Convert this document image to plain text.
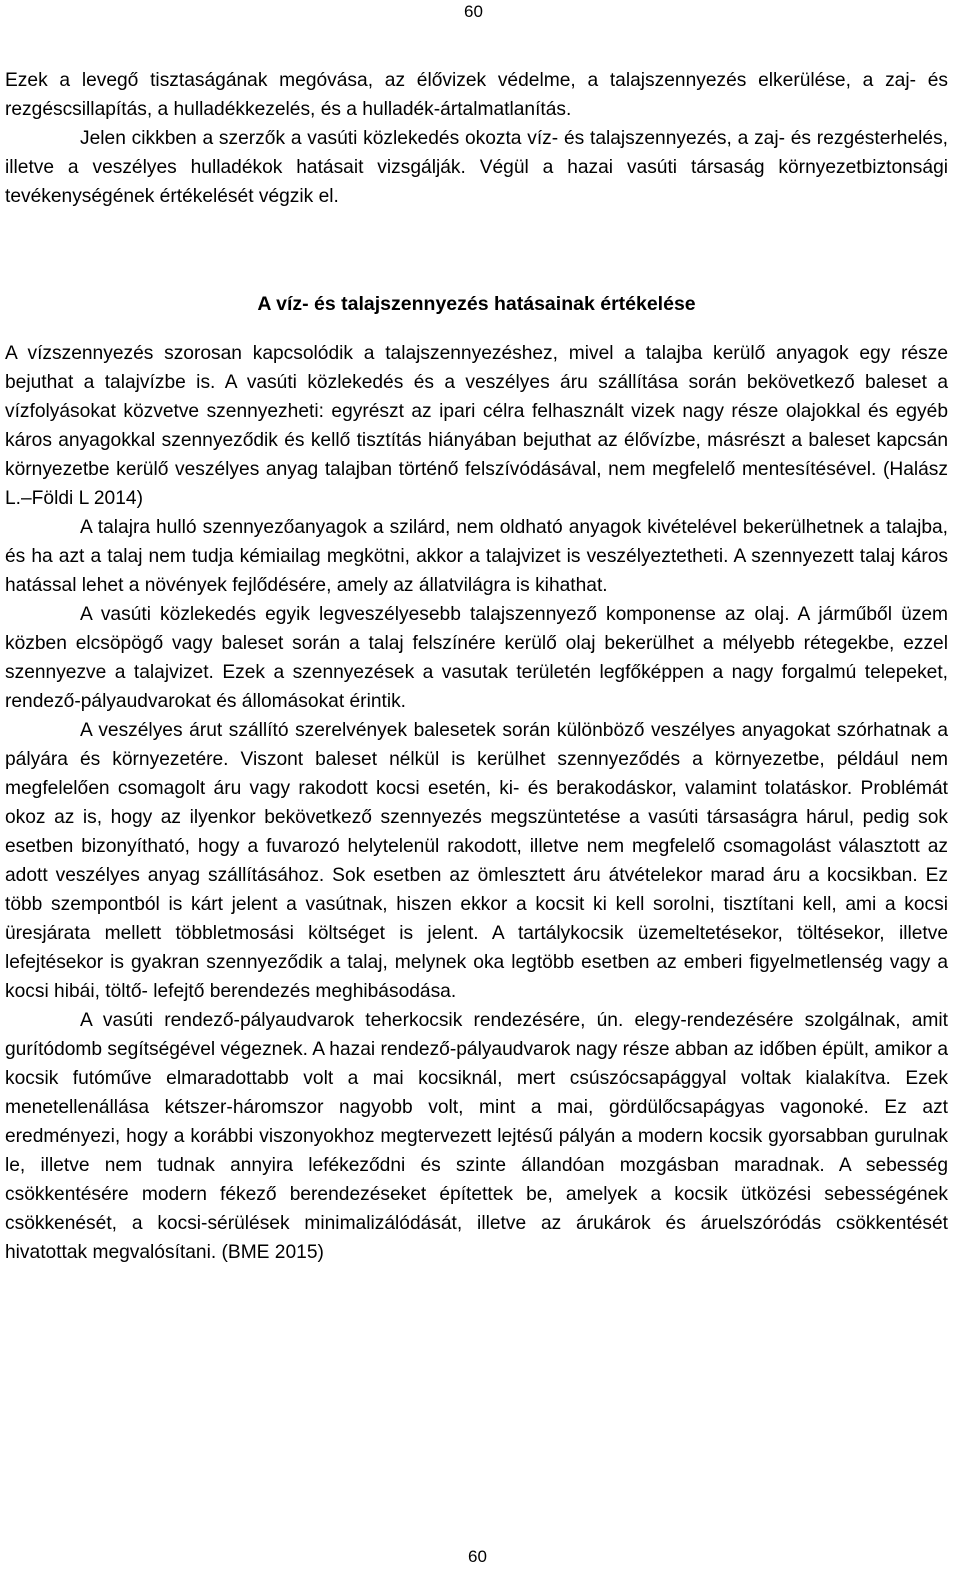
60

Ezek a levegő tisztaságának megóvása, az élővizek védelme, a talajszennyezés elkerülése, a zaj- és rezgéscsillapítás, a hulladékkezelés, és a hulladék-ártalmatlanítás.

Jelen cikkben a szerzők a vasúti közlekedés okozta víz- és talajszennyezés, a zaj- és rezgésterhelés, illetve a veszélyes hulladékok hatásait vizsgálják. Végül a hazai vasúti társaság környezetbiztonsági tevékenységének értékelését végzik el.

A víz- és talajszennyezés hatásainak értékelése

A vízszennyezés szorosan kapcsolódik a talajszennyezéshez, mivel a talajba kerülő anyagok egy része bejuthat a talajvízbe is. A vasúti közlekedés és a veszélyes áru szállítása során bekövetkező baleset a vízfolyásokat közvetve szennyezheti: egyrészt az ipari célra felhasznált vizek nagy része olajokkal és egyéb káros anyagokkal szennyeződik és kellő tisztítás hiányában bejuthat az élővízbe, másrészt a baleset kapcsán környezetbe kerülő veszélyes anyag talajban történő felszívódásával, nem megfelelő mentesítésével. (Halász L.–Földi L 2014)

A talajra hulló szennyezőanyagok a szilárd, nem oldható anyagok kivételével bekerülhetnek a talajba, és ha azt a talaj nem tudja kémiailag megkötni, akkor a talajvizet is veszélyeztetheti. A szennyezett talaj káros hatással lehet a növények fejlődésére, amely az állatvilágra is kihathat.

A vasúti közlekedés egyik legveszélyesebb talajszennyező komponense az olaj. A járműből üzem közben elcsöpögő vagy baleset során a talaj felszínére kerülő olaj bekerülhet a mélyebb rétegekbe, ezzel szennyezve a talajvizet. Ezek a szennyezések a vasutak területén legfőképpen a nagy forgalmú telepeket, rendező-pályaudvarokat és állomásokat érintik.

A veszélyes árut szállító szerelvények balesetek során különböző veszélyes anyagokat szórhatnak a pályára és környezetére. Viszont baleset nélkül is kerülhet szennyeződés a környezetbe, például nem megfelelően csomagolt áru vagy rakodott kocsi esetén, ki- és berakodáskor, valamint tolatáskor. Problémát okoz az is, hogy az ilyenkor bekövetkező szennyezés megszüntetése a vasúti társaságra hárul, pedig sok esetben bizonyítható, hogy a fuvarozó helytelenül rakodott, illetve nem megfelelő csomagolást választott az adott veszélyes anyag szállításához. Sok esetben az ömlesztett áru átvételekor marad áru a kocsikban. Ez több szempontból is kárt jelent a vasútnak, hiszen ekkor a kocsit ki kell sorolni, tisztítani kell, ami a kocsi üresjárata mellett többletmosási költséget is jelent. A tartálykocsik üzemeltetésekor, töltésekor, illetve lefejtésekor is gyakran szennyeződik a talaj, melynek oka legtöbb esetben az emberi figyelmetlenség vagy a kocsi hibái, töltő- lefejtő berendezés meghibásodása.

A vasúti rendező-pályaudvarok teherkocsik rendezésére, ún. elegy-rendezésére szolgálnak, amit gurítódomb segítségével végeznek. A hazai rendező-pályaudvarok nagy része abban az időben épült, amikor a kocsik futóműve elmaradottabb volt a mai kocsiknál, mert csúszócsapággyal voltak kialakítva. Ezek menetellenállása kétszer-háromszor nagyobb volt, mint a mai, gördülőcsapágyas vagonoké. Ez azt eredményezi, hogy a korábbi viszonyokhoz megtervezett lejtésű pályán a modern kocsik gyorsabban gurulnak le, illetve nem tudnak annyira lefékeződni és szinte állandóan mozgásban maradnak. A sebesség csökkentésére modern fékező berendezéseket építettek be, amelyek a kocsik ütközési sebességének csökkenését, a kocsi-sérülések minimalizálódását, illetve az árukárok és áruelszóródás csökkentését hivatottak megvalósítani. (BME 2015)

60
